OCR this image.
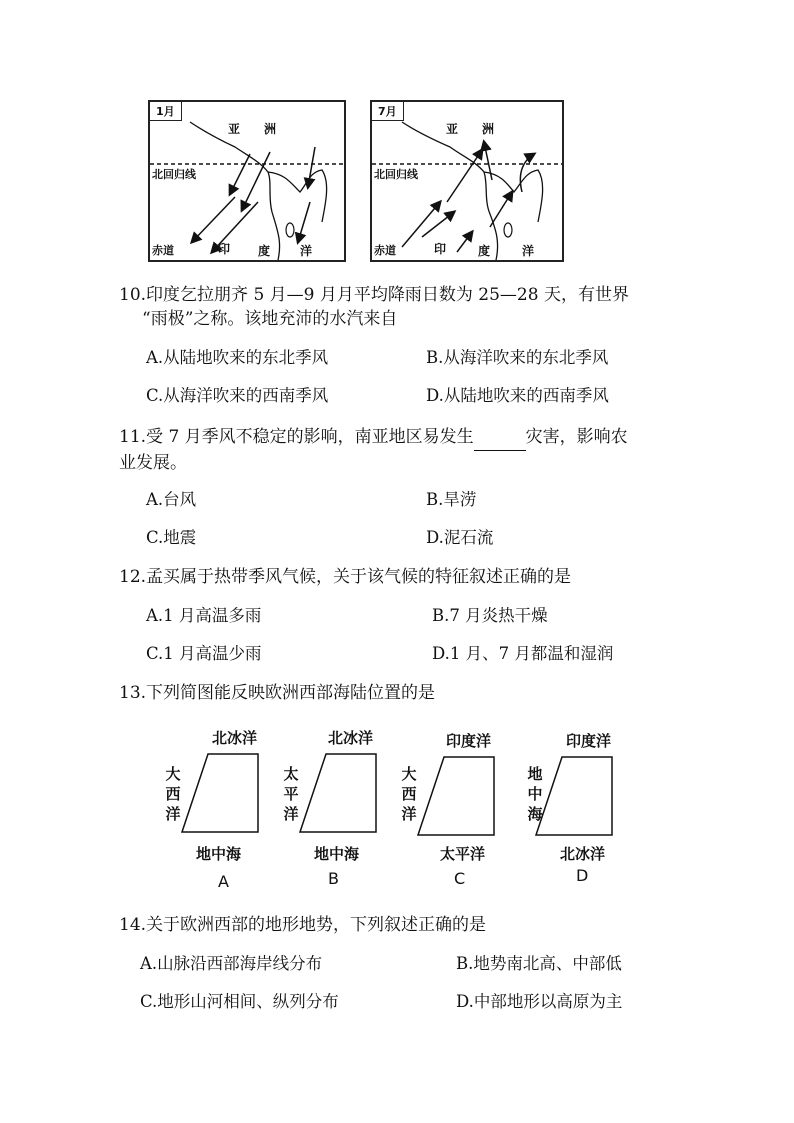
1月
亚　　洲
北回归线
赤道	印 度 洋
7月
亚　　洲
北回归线
赤道	印	度	洋
10.印度乞拉朋齐 5 月—9 月月平均降雨日数为 25—28 天，有世界
“雨极”之称。该地充沛的水汽来自
A.从陆地吹来的东北季风	B.从海洋吹来的东北季风
C.从海洋吹来的西南季风	D.从陆地吹来的西南季风
11.受 7 月季风不稳定的影响，南亚地区易发生	灾害，影响农
业发展。
A.台风	B.旱涝
C.地震	D.泥石流
12.孟买属于热带季风气候，关于该气候的特征叙述正确的是
A.1 月高温多雨	B.7 月炎热干燥
C.1 月高温少雨	D.1 月、7 月都温和湿润
13.下列简图能反映欧洲西部海陆位置的是
北冰洋
大西洋
地中海
A
北冰洋
太平洋
地中海
B
印度洋
大西洋
太平洋
C
印度洋
地中海
北冰洋
D
14.关于欧洲西部的地形地势，下列叙述正确的是
A.山脉沿西部海岸线分布	B.地势南北高、中部低
C.地形山河相间、纵列分布	D.中部地形以高原为主
